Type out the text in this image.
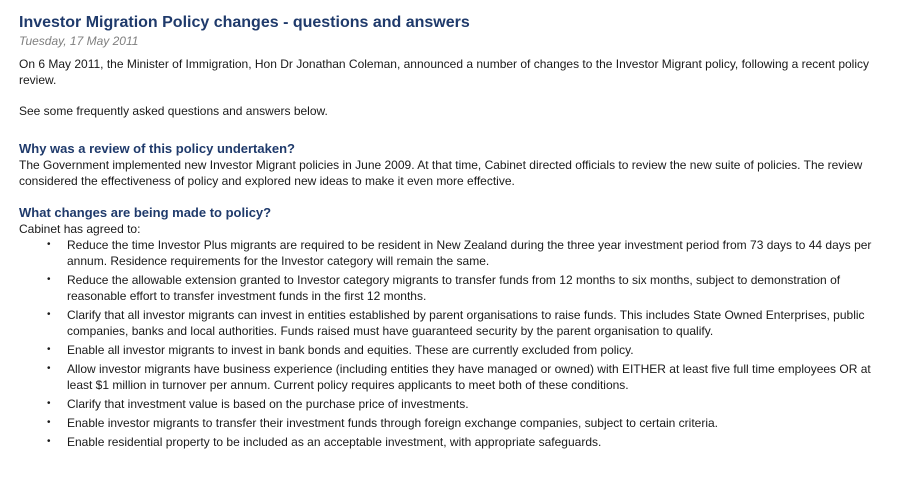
Investor Migration Policy changes - questions and answers
Tuesday, 17 May 2011

On 6 May 2011, the Minister of Immigration, Hon Dr Jonathan Coleman, announced a number of changes to the Investor Migrant policy, following a recent policy review.

See some frequently asked questions and answers below.

Why was a review of this policy undertaken?

The Government implemented new Investor Migrant policies in June 2009. At that time, Cabinet directed officials to review the new suite of policies. The review considered the effectiveness of policy and explored new ideas to make it even more effective.

What changes are being made to policy?

Cabinet has agreed to:

• Reduce the time Investor Plus migrants are required to be resident in New Zealand during the three year investment period from 73 days to 44 days per annum. Residence requirements for the Investor category will remain the same.
• Reduce the allowable extension granted to Investor category migrants to transfer funds from 12 months to six months, subject to demonstration of reasonable effort to transfer investment funds in the first 12 months.
• Clarify that all investor migrants can invest in entities established by parent organisations to raise funds. This includes State Owned Enterprises, public companies, banks and local authorities. Funds raised must have guaranteed security by the parent organisation to qualify.
• Enable all investor migrants to invest in bank bonds and equities. These are currently excluded from policy.
• Allow investor migrants have business experience (including entities they have managed or owned) with EITHER at least five full time employees OR at least $1 million in turnover per annum. Current policy requires applicants to meet both of these conditions.
• Clarify that investment value is based on the purchase price of investments.
• Enable investor migrants to transfer their investment funds through foreign exchange companies, subject to certain criteria.
• Enable residential property to be included as an acceptable investment, with appropriate safeguards.
